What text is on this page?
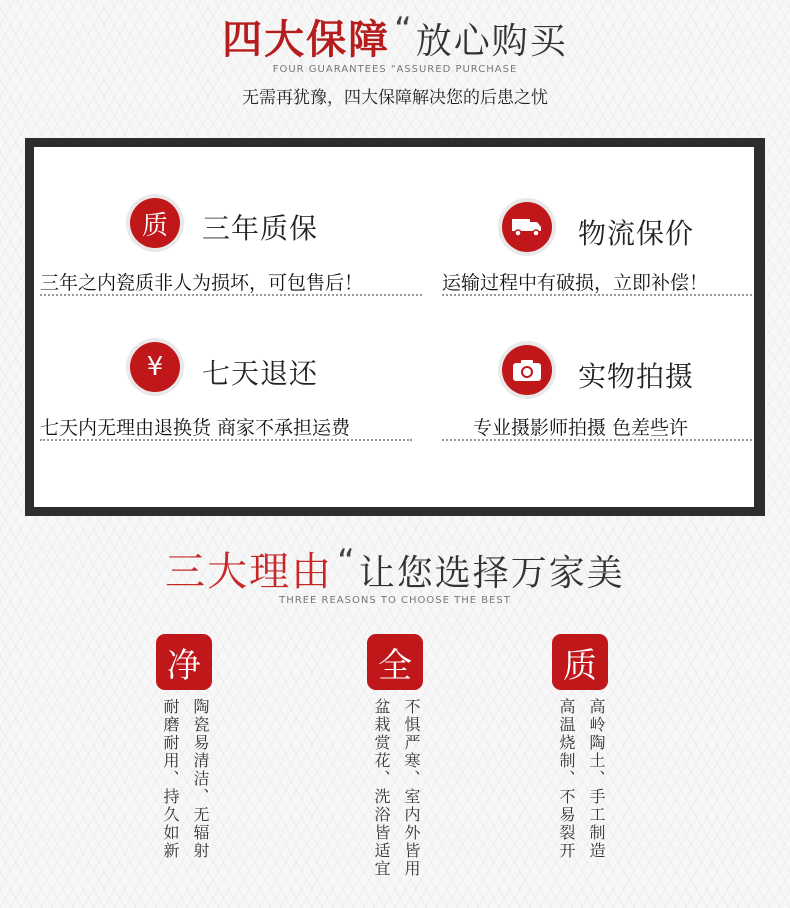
四大保障 “ 放心购买
FOUR GUARANTEES "ASSURED PURCHASE
无需再犹豫，四大保障解决您的后患之忧
质 三年质保
三年之内瓷质非人为损坏，可包售后！
物流保价
运输过程中有破损，立即补偿！
¥ 七天退还
七天内无理由退换货 商家不承担运费
实物拍摄
专业摄影师拍摄 色差些许
三大理由 “ 让您选择万家美
THREE REASONS TO CHOOSE THE BEST
净
陶瓷易清洁、无辐射
耐磨耐用、持久如新
全
不惧严寒、室内外皆用
盆栽赏花、洗浴皆适宜
质
高岭陶土、手工制造
高温烧制、不易裂开
